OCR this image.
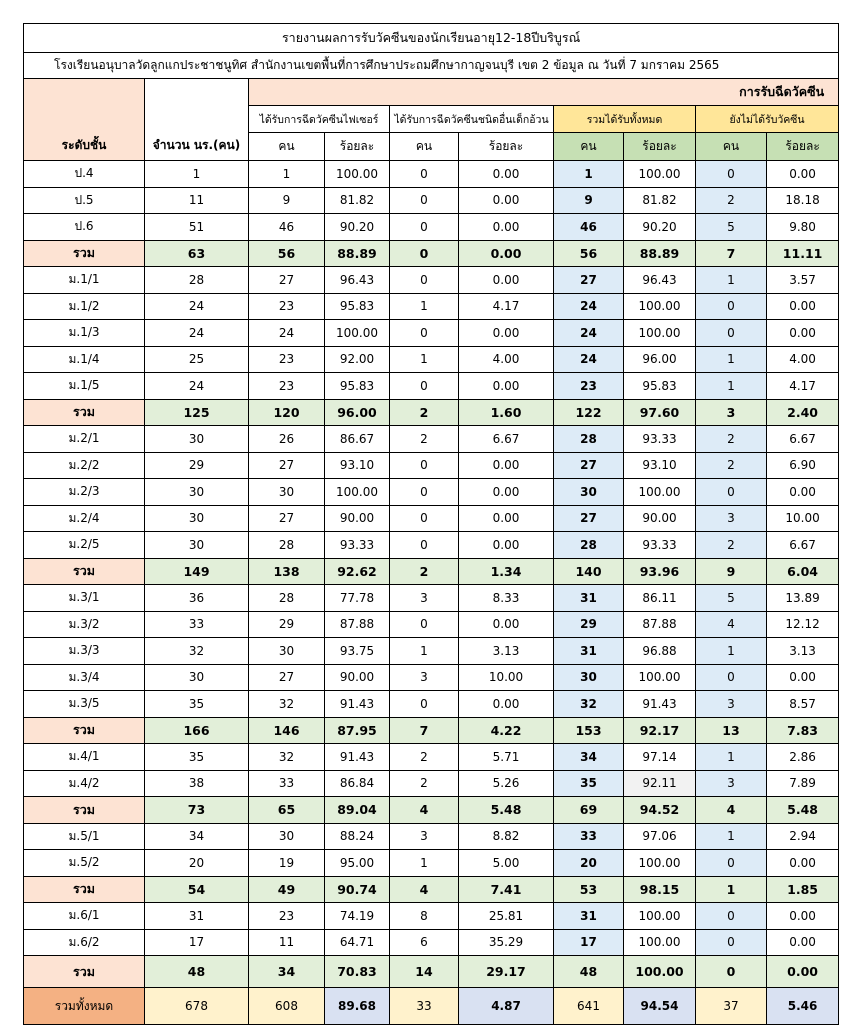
รายงานผลการรับวัคซีนของนักเรียนอายุ12-18ปีบริบูรณ์									
โรงเรียนอนุบาลวัดลูกแกประชาชนูทิศ สำนักงานเขตพื้นที่การศึกษาประถมศึกษากาญจนบุรี เขต 2 ข้อมูล ณ วันที่ 7 มกราคม 2565									
ระดับชั้น	จำนวน นร.(คน)	การรับฉีดวัคซีน							
		ได้รับการฉีดวัคซีนไฟเซอร์		ได้รับการฉีดวัคซีนชนิดอื่นเด็กอ้วน		รวมได้รับทั้งหมด		ยังไม่ได้รับวัคซีน	
		คน	ร้อยละ	คน	ร้อยละ	คน	ร้อยละ	คน	ร้อยละ
ป.4	1	1	100.00	0	0.00	1	100.00	0	0.00
ป.5	11	9	81.82	0	0.00	9	81.82	2	18.18
ป.6	51	46	90.20	0	0.00	46	90.20	5	9.80
รวม	63	56	88.89	0	0.00	56	88.89	7	11.11
ม.1/1	28	27	96.43	0	0.00	27	96.43	1	3.57
ม.1/2	24	23	95.83	1	4.17	24	100.00	0	0.00
ม.1/3	24	24	100.00	0	0.00	24	100.00	0	0.00
ม.1/4	25	23	92.00	1	4.00	24	96.00	1	4.00
ม.1/5	24	23	95.83	0	0.00	23	95.83	1	4.17
รวม	125	120	96.00	2	1.60	122	97.60	3	2.40
ม.2/1	30	26	86.67	2	6.67	28	93.33	2	6.67
ม.2/2	29	27	93.10	0	0.00	27	93.10	2	6.90
ม.2/3	30	30	100.00	0	0.00	30	100.00	0	0.00
ม.2/4	30	27	90.00	0	0.00	27	90.00	3	10.00
ม.2/5	30	28	93.33	0	0.00	28	93.33	2	6.67
รวม	149	138	92.62	2	1.34	140	93.96	9	6.04
ม.3/1	36	28	77.78	3	8.33	31	86.11	5	13.89
ม.3/2	33	29	87.88	0	0.00	29	87.88	4	12.12
ม.3/3	32	30	93.75	1	3.13	31	96.88	1	3.13
ม.3/4	30	27	90.00	3	10.00	30	100.00	0	0.00
ม.3/5	35	32	91.43	0	0.00	32	91.43	3	8.57
รวม	166	146	87.95	7	4.22	153	92.17	13	7.83
ม.4/1	35	32	91.43	2	5.71	34	97.14	1	2.86
ม.4/2	38	33	86.84	2	5.26	35	92.11	3	7.89
รวม	73	65	89.04	4	5.48	69	94.52	4	5.48
ม.5/1	34	30	88.24	3	8.82	33	97.06	1	2.94
ม.5/2	20	19	95.00	1	5.00	20	100.00	0	0.00
รวม	54	49	90.74	4	7.41	53	98.15	1	1.85
ม.6/1	31	23	74.19	8	25.81	31	100.00	0	0.00
ม.6/2	17	11	64.71	6	35.29	17	100.00	0	0.00
รวม	48	34	70.83	14	29.17	48	100.00	0	0.00
รวมทั้งหมด	678	608	89.68	33	4.87	641	94.54	37	5.46
